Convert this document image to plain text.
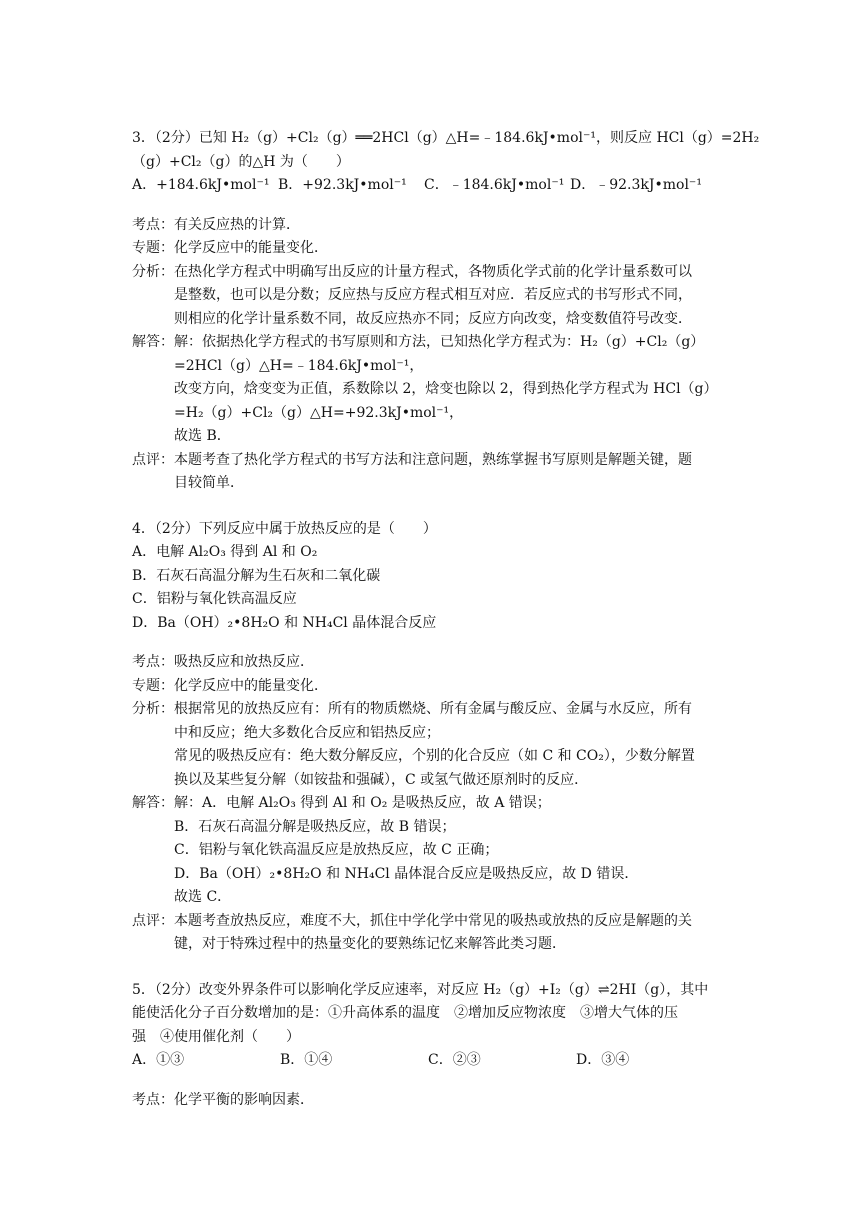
3．（2分）已知 H₂（g）+Cl₂（g）══2HCl（g）△H=﹣184.6kJ•mol⁻¹，则反应 HCl（g）=2H₂
（g）+Cl₂（g）的△H 为（　　）
A．+184.6kJ•mol⁻¹ B．+92.3kJ•mol⁻¹ C．﹣184.6kJ•mol⁻¹ D．﹣92.3kJ•mol⁻¹
考点：有关反应热的计算．
专题：化学反应中的能量变化．
分析：在热化学方程式中明确写出反应的计量方程式，各物质化学式前的化学计量系数可以
是整数，也可以是分数；反应热与反应方程式相互对应．若反应式的书写形式不同，
则相应的化学计量系数不同，故反应热亦不同；反应方向改变，焓变数值符号改变．
解答：解：依据热化学方程式的书写原则和方法，已知热化学方程式为：H₂（g）+Cl₂（g）
=2HCl（g）△H=﹣184.6kJ•mol⁻¹，
改变方向，焓变变为正值，系数除以 2，焓变也除以 2，得到热化学方程式为 HCl（g）
=H₂（g）+Cl₂（g）△H=+92.3kJ•mol⁻¹，
故选 B．
点评：本题考查了热化学方程式的书写方法和注意问题，熟练掌握书写原则是解题关键，题
目较简单．
4．（2分）下列反应中属于放热反应的是（　　）
A．电解 Al₂O₃ 得到 Al 和 O₂
B．石灰石高温分解为生石灰和二氧化碳
C．铝粉与氧化铁高温反应
D．Ba（OH）₂•8H₂O 和 NH₄Cl 晶体混合反应
考点：吸热反应和放热反应．
专题：化学反应中的能量变化．
分析：根据常见的放热反应有：所有的物质燃烧、所有金属与酸反应、金属与水反应，所有
中和反应；绝大多数化合反应和铝热反应；
常见的吸热反应有：绝大数分解反应，个别的化合反应（如 C 和 CO₂），少数分解置
换以及某些复分解（如铵盐和强碱），C 或氢气做还原剂时的反应．
解答：解：A．电解 Al₂O₃ 得到 Al 和 O₂ 是吸热反应，故 A 错误；
B．石灰石高温分解是吸热反应，故 B 错误；
C．铝粉与氧化铁高温反应是放热反应，故 C 正确；
D．Ba（OH）₂•8H₂O 和 NH₄Cl 晶体混合反应是吸热反应，故 D 错误．
故选 C．
点评：本题考查放热反应，难度不大，抓住中学化学中常见的吸热或放热的反应是解题的关
键，对于特殊过程中的热量变化的要熟练记忆来解答此类习题．
5．（2分）改变外界条件可以影响化学反应速率，对反应 H₂（g）+I₂（g）⇌2HI（g），其中
能使活化分子百分数增加的是：①升高体系的温度　②增加反应物浓度　③增大气体的压
强　④使用催化剂（　　）
A．①③	B．①④	C．②③	D．③④
考点：化学平衡的影响因素．
